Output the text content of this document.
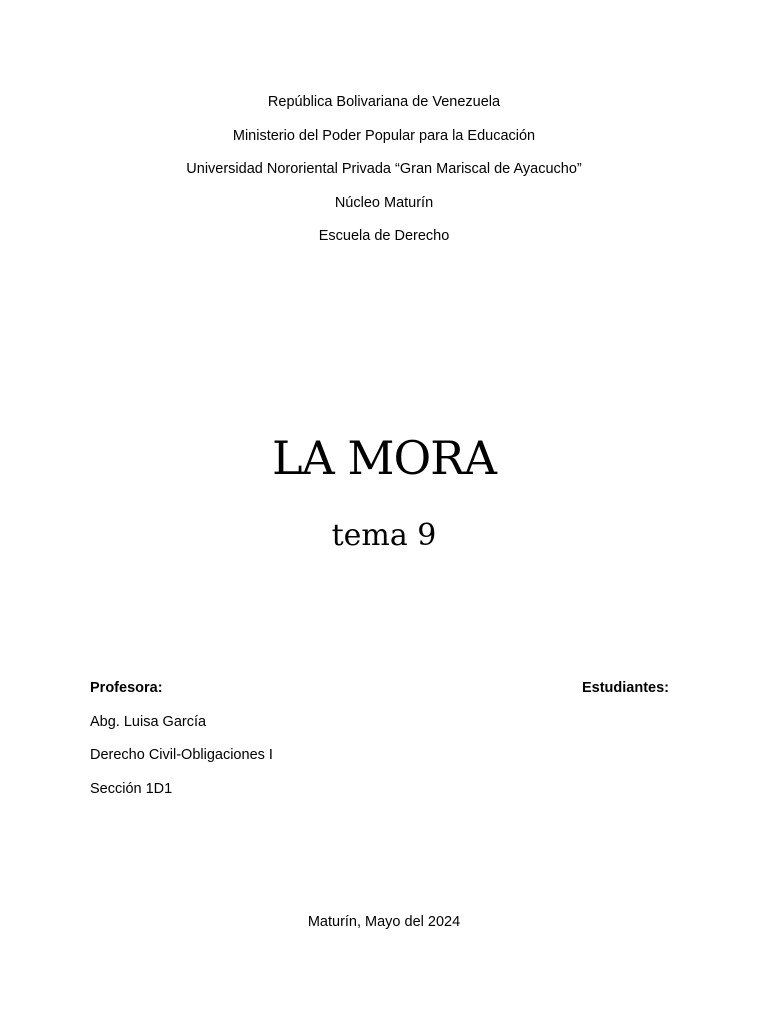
República Bolivariana de Venezuela
Ministerio del Poder Popular para la Educación
Universidad Nororiental Privada “Gran Mariscal de Ayacucho”
Núcleo Maturín
Escuela de Derecho
LA MORA
tema 9
Profesora:
Abg. Luisa García
Derecho Civil-Obligaciones I
Sección 1D1
Estudiantes:
Maturín, Mayo del 2024
